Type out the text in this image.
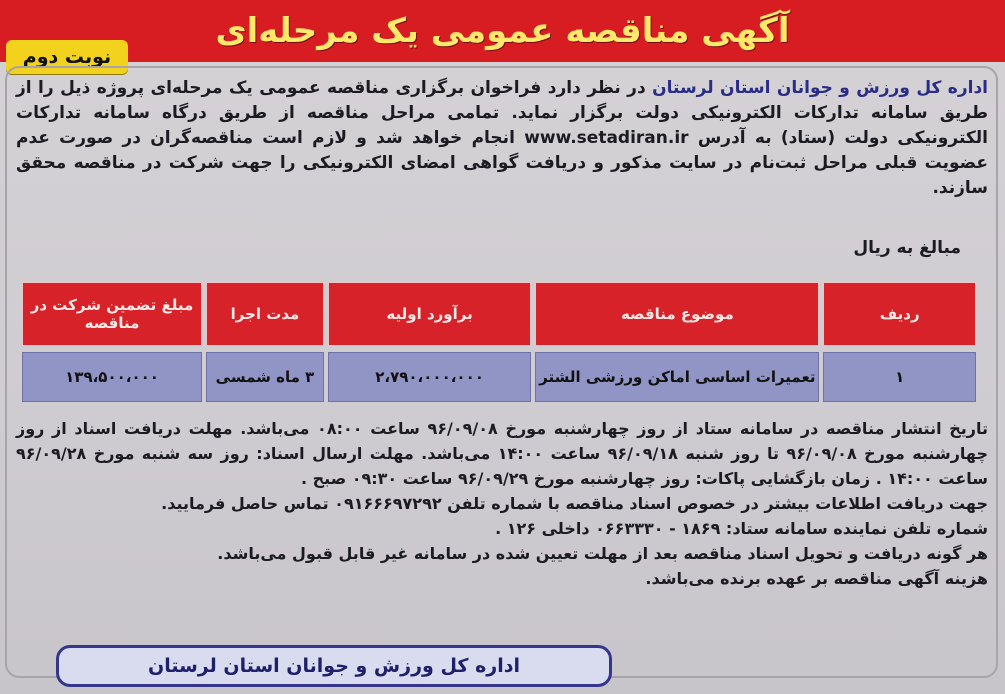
آگهی مناقصه عمومی یک مرحله‌ای
نوبت دوم
اداره کل ورزش و جوانان استان لرستان در نظر دارد فراخوان برگزاری مناقصه عمومی یک مرحله‌ای پروژه ذیل را از طریق سامانه تدارکات الکترونیکی دولت برگزار نماید. تمامی مراحل مناقصه از طریق درگاه سامانه تدارکات الکترونیکی دولت (ستاد) به آدرس www.setadiran.ir انجام خواهد شد و لازم است مناقصه‌گران در صورت عدم عضویت قبلی مراحل ثبت‌نام در سایت مذکور و دریافت گواهی امضای الکترونیکی را جهت شرکت در مناقصه محقق سازند.
مبالغ به ریال
ردیف	موضوع مناقصه	برآورد اولیه	مدت اجرا	مبلغ تضمین شرکت در مناقصه
۱	تعمیرات اساسی اماکن ورزشی الشتر	۲،۷۹۰،۰۰۰،۰۰۰	۳ ماه شمسی	۱۳۹،۵۰۰،۰۰۰

تاریخ انتشار مناقصه در سامانه ستاد از روز چهارشنبه مورخ ۹۶/۰۹/۰۸ ساعت ۰۸:۰۰ می‌باشد. مهلت دریافت اسناد از روز چهارشنبه مورخ ۹۶/۰۹/۰۸ تا روز شنبه ۹۶/۰۹/۱۸ ساعت ۱۴:۰۰ می‌باشد. مهلت ارسال اسناد: روز سه شنبه مورخ ۹۶/۰۹/۲۸ ساعت ۱۴:۰۰ . زمان بازگشایی پاکات: روز چهارشنبه مورخ ۹۶/۰۹/۲۹ ساعت ۰۹:۳۰ صبح .

جهت دریافت اطلاعات بیشتر در خصوص اسناد مناقصه با شماره تلفن ۰۹۱۶۶۶۹۷۲۹۲ تماس حاصل فرمایید.

شماره تلفن نماینده سامانه ستاد: ۱۸۶۹ - ۰۶۶۳۳۳۰ داخلی ۱۲۶ .

هر گونه دریافت و تحویل اسناد مناقصه بعد از مهلت تعیین شده در سامانه غیر قابل قبول می‌باشد.

هزینه آگهی مناقصه بر عهده برنده می‌باشد.

اداره کل ورزش و جوانان استان لرستان
